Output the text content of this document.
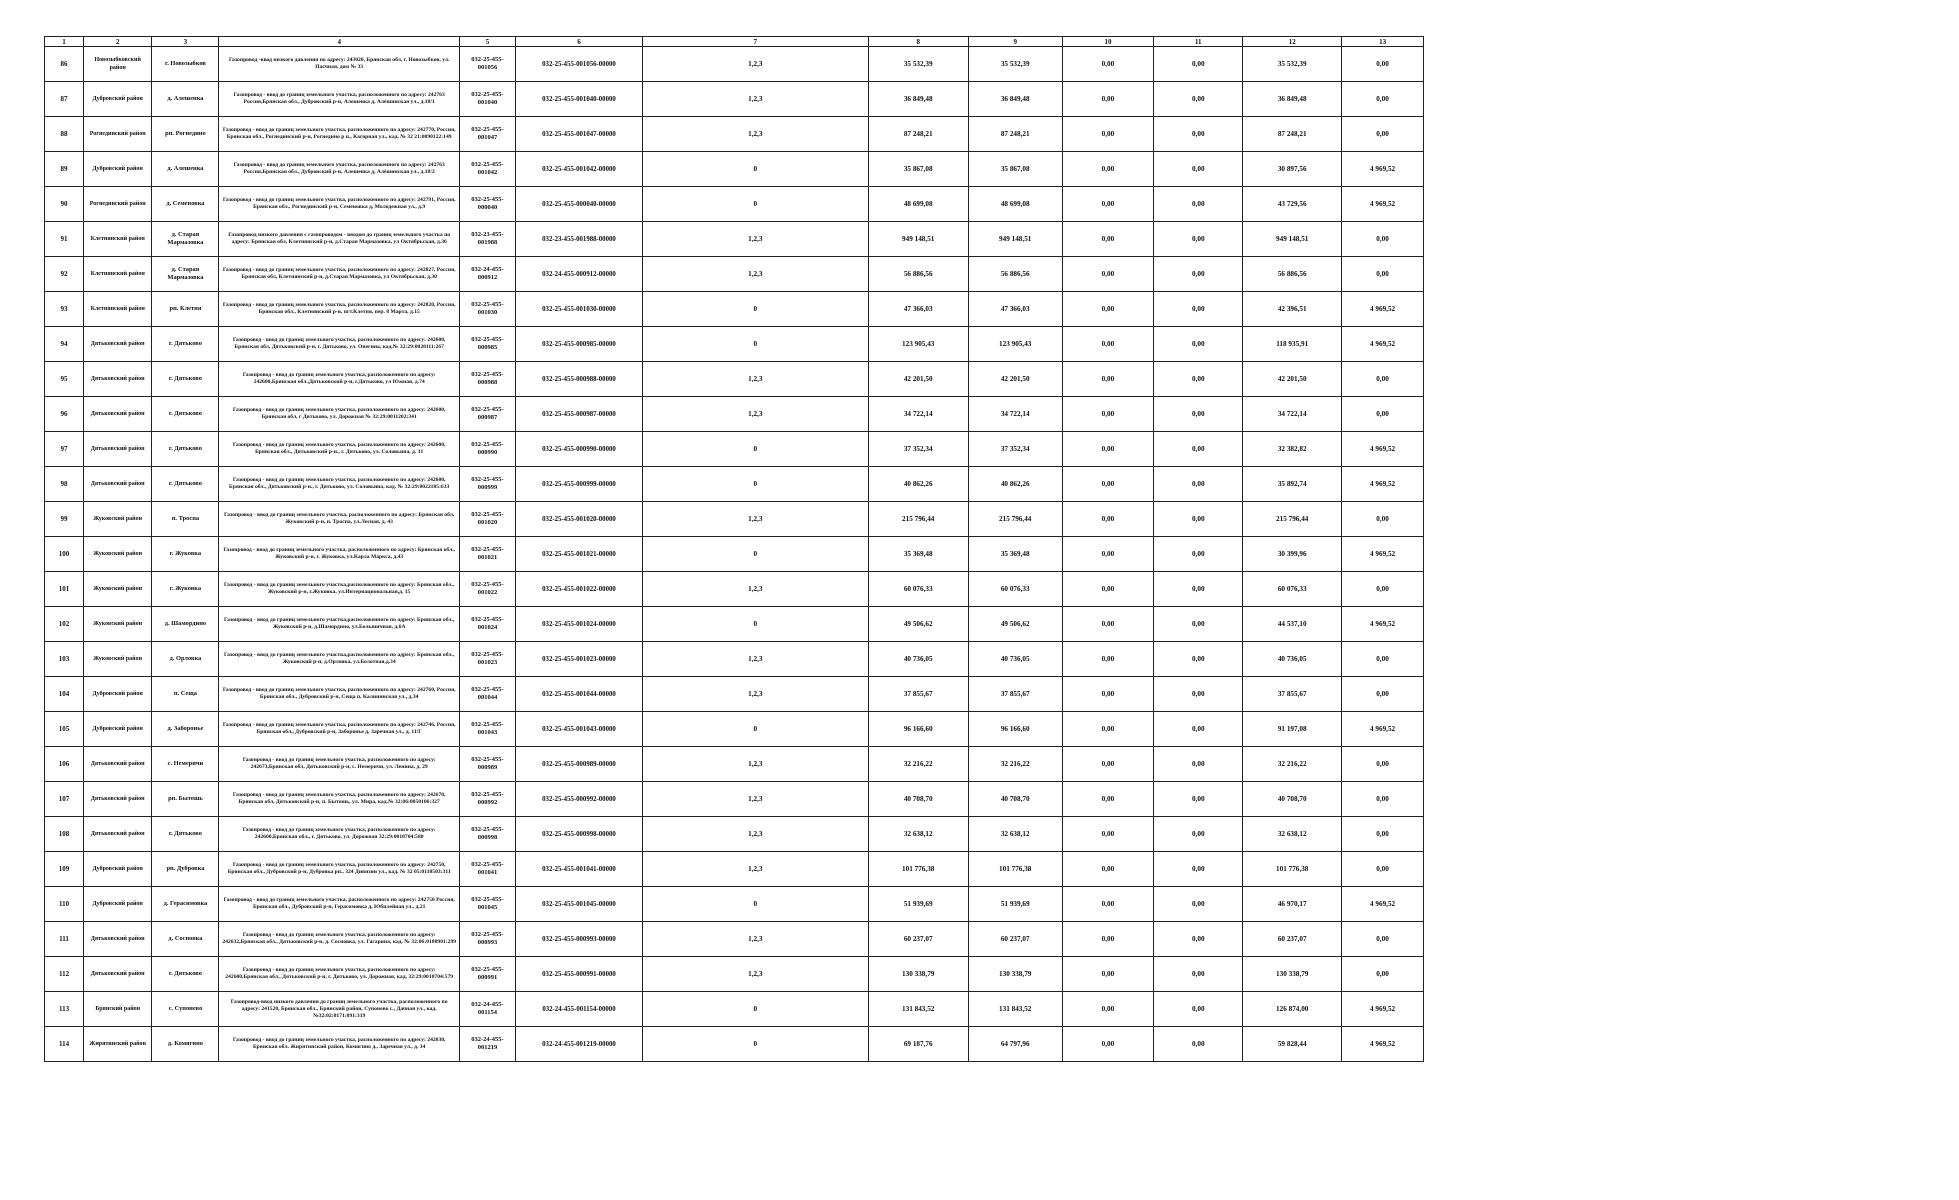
1	2	3	4	5	6	7	8	9	10	11	12	13
86	Новозыбковский район	г. Новозыбков	Газопровод -ввод низкого давления по адресу: 243020, Брянская обл, г. Новозыбков, ул. Пасчная, дом № 33	032-25-455-001056	032-25-455-001056-00000	1,2,3	35 532,39	35 532,39	0,00	0,00	35 532,39	0,00
87	Дубровский район	д. Алешенка	Газопровод - ввод до границ земельного участка, расположенного по адресу: 242763 Россия,Брянская обл., Дубровский р-н, Алешенка д, Алёшинская ул., д.18/1	032-25-455-001040	032-25-455-001040-00000	1,2,3	36 849,48	36 849,48	0,00	0,00	36 849,48	0,00
88	Рогнединский район	рп. Рогнедино	Газопровод - ввод до границ земельного участка, расположенного по адресу: 242770, Россия, Брянская обл., Рогнединский р-н, Рогнедино р п., Кагорная ул., кад. № 32 21:0090122:149	032-25-455-001047	032-25-455-001047-00000	1,2,3	87 248,21	87 248,21	0,00	0,00	87 248,21	0,00
89	Дубровский район	д. Алешенка	Газопровод - ввод до границ земельного участка, расположенного по адресу: 242763 Россия,Брянская обл., Дубровский р-н, Алешенка д, Алёшинская ул., д.18/2	032-25-455-001042	032-25-455-001042-00000	0	35 867,08	35 867,08	0,00	0,00	30 897,56	4 969,52
90	Рогнединский район	д. Семеновка	Газопровод - ввод до границ земельного участка, расположенного по адресу: 242791, Россия, Брянская обл., Рогнединский р-н, Семеновка д, Молодежная ул., д.9	032-25-455-000040	032-25-455-000040-00000	0	48 699,08	48 699,08	0,00	0,00	43 729,56	4 969,52
91	Клетнянский район	д. Старая Мармазовка	Газопровод низкого давления с газопроводом - вводом до границ земельного участка по адресу: Брянская обл, Клетнянский р-н, д.Старая Мармазовка, ул Октябрьская, д.36	032-23-455-001988	032-23-455-001988-00000	1,2,3	949 148,51	949 148,51	0,00	0,00	949 148,51	0,00
92	Клетнянский район	д. Старая Мармазовка	Газопровод - ввод до границ земельного участка, расположенного по адресу: 242827, Россия, Брянская обл, Клетнянский р-н, д.Старая Мармазовка, ул Октябрьская, д.30	032-24-455-000912	032-24-455-000912-00000	1,2,3	56 886,56	56 886,56	0,00	0,00	56 886,56	0,00
93	Клетнянский район	рп. Клетня	Газопровод - ввод до границ земельного участка, расположенного по адресу: 242820, Россия, Брянская обл., Клетнянский р-н, пгт.Клетня, пер. 8 Марта, д.15	032-25-455-001030	032-25-455-001030-00000	0	47 366,03	47 366,03	0,00	0,00	42 396,51	4 969,52
94	Дятьковский район	г. Дятьково	Газопровод - ввод до границ земельного участка, расположенного по адресу: 242600, Брянская обл, Дятьковский р-н, г. Дятьково, ул. Онегина, кад.№ 32:29:0020111:267	032-25-455-000985	032-25-455-000985-00000	0	123 905,43	123 905,43	0,00	0,00	118 935,91	4 969,52
95	Дятьковский район	г. Дятьково	Газопровод - ввод до границ земельного участка, расположенного по адресу: 242600,Брянская обл.,Дятьковский р-н, г.Дятьково, ул Южная, д.74	032-25-455-000988	032-25-455-000988-00000	1,2,3	42 201,50	42 201,50	0,00	0,00	42 201,50	0,00
96	Дятьковский район	г. Дятьково	Газопровод - ввод до границ земельного участка, расположенного по адресу: 242600, Брянская обл, г Дятьково, ул. Дорожная № 32:29:0011202:341	032-25-455-000987	032-25-455-000987-00000	1,2,3	34 722,14	34 722,14	0,00	0,00	34 722,14	0,00
97	Дятьковский район	г. Дятьково	Газопровод - ввод до границ земельного участка, расположенного по адресу: 242600, Брянская обл., Дятьковский р-н., г. Дятьково, ул. Соловьина, д. 31	032-25-455-000990	032-25-455-000990-00000	0	37 352,34	37 352,34	0,00	0,00	32 382,82	4 969,52
98	Дятьковский район	г. Дятьково	Газопровод - ввод до границ земельного участка, расположенного по адресу: 242600, Брянская обл., Дятьковский р-н., г. Дятьково, ул. Соловьина, кад. № 32:29:0022105:633	032-25-455-000999	032-25-455-000999-00000	0	40 862,26	40 862,26	0,00	0,00	35 892,74	4 969,52
99	Жуковский район	п. Троспа	Газопровод - ввод до границ земельного участка, расположенного по адресу: Брянская обл, Жуковский р-н, п. Троспа, ул.Лесная, д. 43	032-25-455-001020	032-25-455-001020-00000	1,2,3	215 796,44	215 796,44	0,00	0,00	215 796,44	0,00
100	Жуковский район	г. Жуковка	Газопровод - ввод до границ земельного участка, расположенного по адресу: Брянская обл., Жуковский р-н, г. Жуковка, ул.Карла Маркса, д.43	032-25-455-001021	032-25-455-001021-00000	0	35 369,48	35 369,48	0,00	0,00	30 399,96	4 969,52
101	Жуковский район	г. Жуковка	Газопровод - ввод до границ земельного участка,расположенного по адресу: Брянская обл., Жуковский р-н, г.Жуковка, ул.Интернациональная,д. 15	032-25-455-001022	032-25-455-001022-00000	1,2,3	60 076,33	60 076,33	0,00	0,00	60 076,33	0,00
102	Жуковский район	д. Шамордино	Газопровод - ввод до границ земельного участка,расположенного по адресу: Брянская обл., Жуковский р-н, д.Шамордино, ул.Большичная, д.6А	032-25-455-001024	032-25-455-001024-00000	0	49 506,62	49 506,62	0,00	0,00	44 537,10	4 969,52
103	Жуковский район	д. Орловка	Газопровод - ввод до границ земельного участка,расположенного по адресу: Брянская обл., Жуковский р-н, д.Орловка, ул.Болотная,д.34	032-25-455-001023	032-25-455-001023-00000	1,2,3	40 736,05	40 736,05	0,00	0,00	40 736,05	0,00
104	Дубровский район	п. Сеща	Газопровод - ввод до границ земельного участка, расположенного по адресу: 242760, Россия, Брянская обл., Дубровский р-н, Сеща п, Калининская ул., д.34	032-25-455-001044	032-25-455-001044-00000	1,2,3	37 855,67	37 855,67	0,00	0,00	37 855,67	0,00
105	Дубровский район	д. Заборонье	Газопровод - ввод до границ земельного участка, расположенного по адресу: 242746, Россия, Брянская обл., Дубровский р-н, Заборонье д, Заречная ул., д. 11/Г	032-25-455-001043	032-25-455-001043-00000	0	96 166,60	96 166,60	0,00	0,00	91 197,08	4 969,52
106	Дятьковский район	с. Немеричи	Газопровод - ввод до границ земельного участка, расположенного по адресу: 242673,Брянская обл, Дятьковский р-н, с. Немеричи, ул. Ленина, д. 29	032-25-455-000989	032-25-455-000989-00000	1,2,3	32 216,22	32 216,22	0,00	0,00	32 216,22	0,00
107	Дятьковский район	рп. Бытошь	Газопровод - ввод до границ земельного участка, расположенного по адресу: 242670, Брянская обл, Дятьковский р-н, п. Бытошь, ул. Мира, кад.№ 32:06:0050106:327	032-25-455-000992	032-25-455-000992-00000	1,2,3	40 708,70	40 708,70	0,00	0,00	40 708,70	0,00
108	Дятьковский район	г. Дятьково	Газопровод - ввод до границ земельного участка, расположенного по адресу: 242600,Брянская обл., г. Дятьково, ул. Дорожная 32:29:0010704:580	032-25-455-000998	032-25-455-000998-00000	1,2,3	32 638,12	32 638,12	0,00	0,00	32 638,12	0,00
109	Дубровский район	рп. Дубровка	Газопровод - ввод до границ земельного участка, расположенного по адресу: 242750, Брянская обл., Дубровский р-н, Дубровка рп., 324 Дивизии ул., кад. № 32 05:0110503:311	032-25-455-001041	032-25-455-001041-00000	1,2,3	101 776,38	101 776,38	0,00	0,00	101 776,38	0,00
110	Дубровский район	д. Герасимовка	Газопровод - ввод до границ земельного участка, расположенного по адресу: 242750 Россия, Брянская обл., Дубровский р-н, Герасимовка д, Юбилейная ул., д.21	032-25-455-001045	032-25-455-001045-00000	0	51 939,69	51 939,69	0,00	0,00	46 970,17	4 969,52
111	Дятьковский район	д. Сосновка	Газопровод - ввод до границ земельного участка, расположенного по адресу: 242632,Брянская обл., Дятьковский р-н, д. Сосновка, ул. Гагарина, кад. № 32:06:0180901:299	032-25-455-000993	032-25-455-000993-00000	1,2,3	60 237,07	60 237,07	0,00	0,00	60 237,07	0,00
112	Дятьковский район	г. Дятьково	Газопровод - ввод до границ земельного участка, расположенного по адресу: 242600,Брянская обл., Дятьковский р-н, г. Дятьково, ул. Дорожная, кад. 32:29:0010704:579	032-25-455-000991	032-25-455-000991-00000	1,2,3	130 338,79	130 338,79	0,00	0,00	130 338,79	0,00
113	Брянский район	с. Супонево	Газопровод-ввод низкого давления до границ земельного участка, расположенного по адресу: 241520, Брянская обл., Брянский район, Супонево с., Дачная ул., кад.№32:02:0171:091:319	032-24-455-001154	032-24-455-001154-00000	0	131 843,52	131 843,52	0,00	0,00	126 874,00	4 969,52
114	Жирятинский район	д. Комягино	Газопровод - ввод до границ земельного участка, расположенного по адресу: 242030, Брянская обл. Жирятинский район, Комягино д., Заречная ул., д. 34	032-24-455-001219	032-24-455-001219-00000	0	69 187,76	64 797,96	0,00	0,00	59 828,44	4 969,52
